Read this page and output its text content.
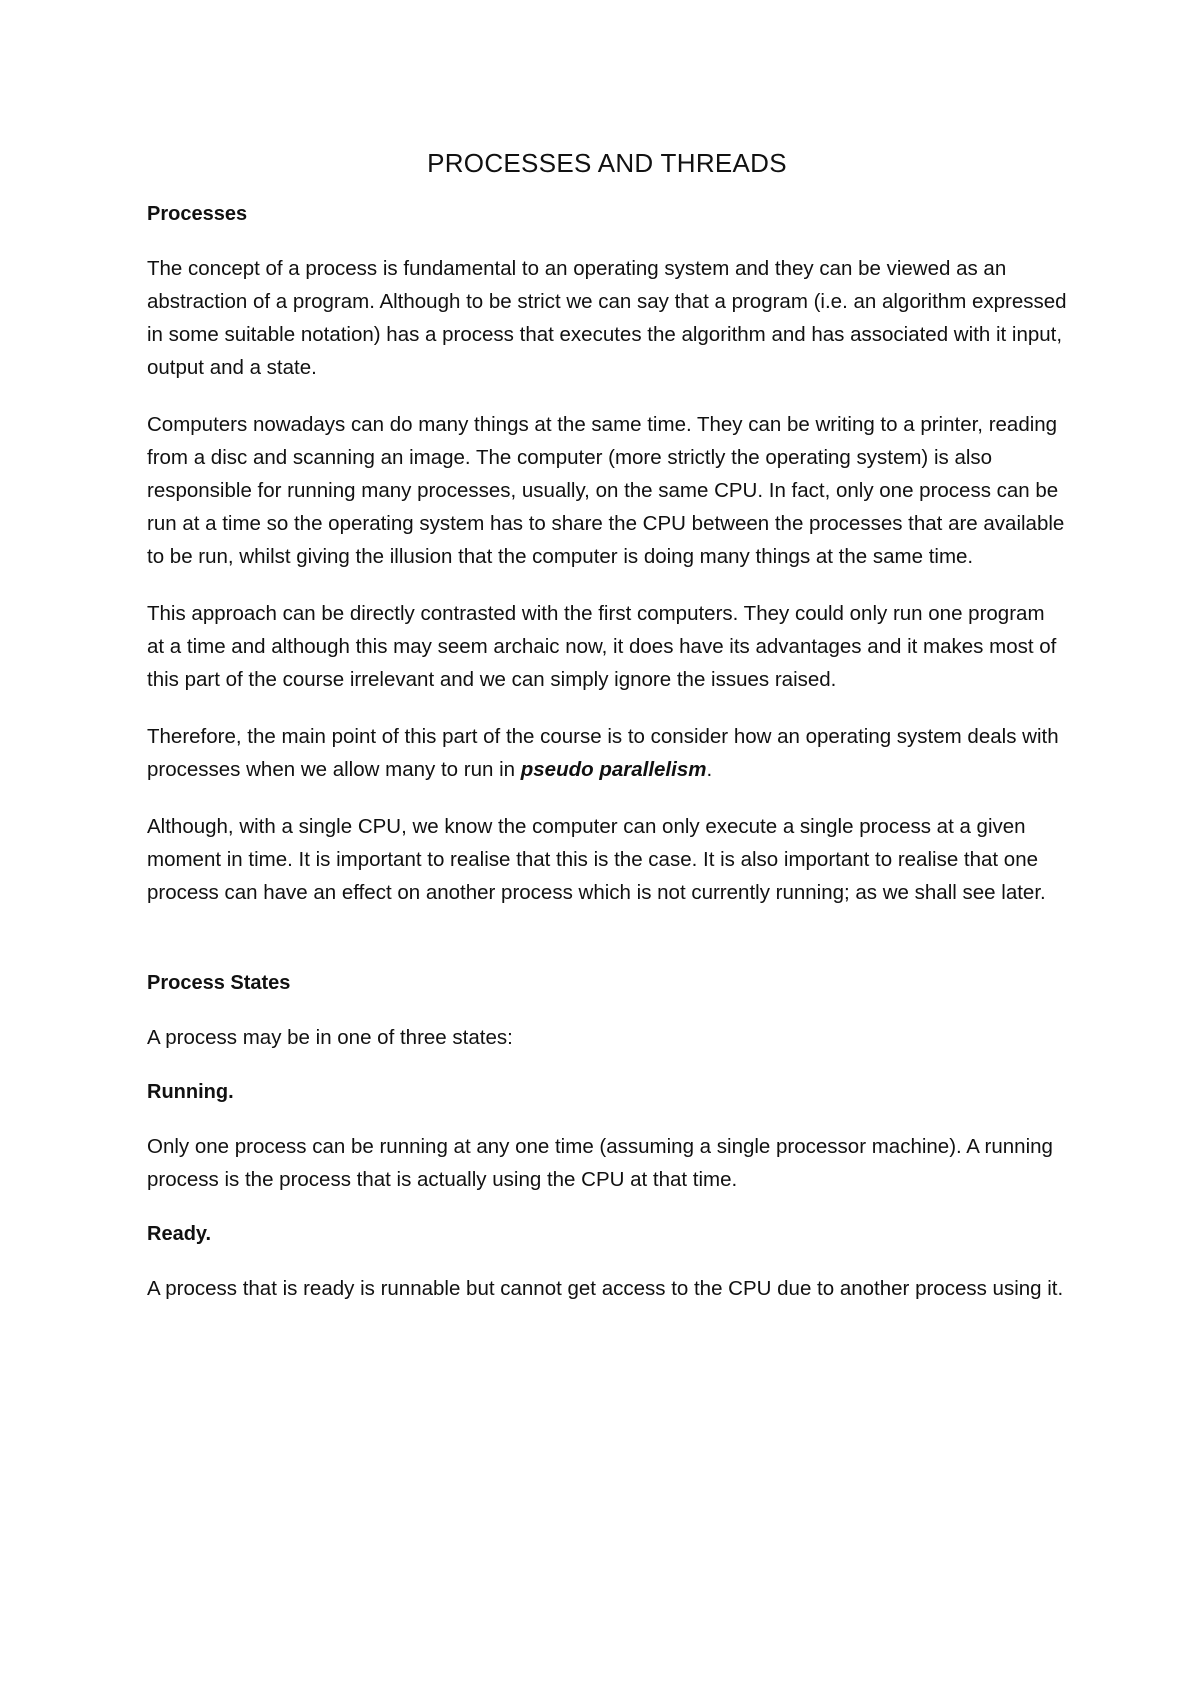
PROCESSES AND THREADS
Processes

The concept of a process is fundamental to an operating system and they can be viewed as an abstraction of a program. Although to be strict we can say that a program (i.e. an algorithm expressed in some suitable notation) has a process that executes the algorithm and has associated with it input, output and a state.

Computers nowadays can do many things at the same time. They can be writing to a printer, reading from a disc and scanning an image. The computer (more strictly the operating system) is also responsible for running many processes, usually, on the same CPU. In fact, only one process can be run at a time so the operating system has to share the CPU between the processes that are available to be run, whilst giving the illusion that the computer is doing many things at the same time.

This approach can be directly contrasted with the first computers. They could only run one program at a time and although this may seem archaic now, it does have its advantages and it makes most of this part of the course irrelevant and we can simply ignore the issues raised.

Therefore, the main point of this part of the course is to consider how an operating system deals with processes when we allow many to run in pseudo parallelism.

Although, with a single CPU, we know the computer can only execute a single process at a given moment in time. It is important to realise that this is the case. It is also important to realise that one process can have an effect on another process which is not currently running; as we shall see later.

Process States

A process may be in one of three states:

Running.

Only one process can be running at any one time (assuming a single processor machine). A running process is the process that is actually using the CPU at that time.

Ready.

A process that is ready is runnable but cannot get access to the CPU due to another process using it.
